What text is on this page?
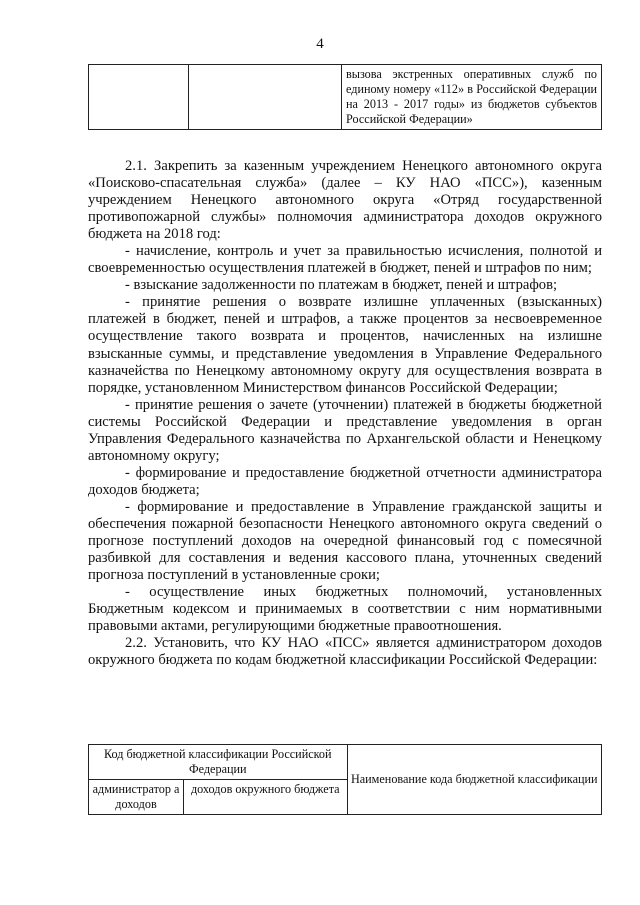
4
		вызова экстренных оперативных служб по единому номеру «112» в Российской Федерации на 2013 - 2017 годы» из бюджетов субъектов Российской Федерации»

2.1. Закрепить за казенным учреждением Ненецкого автономного округа «Поисково-спасательная служба» (далее – КУ НАО «ПСС»), казенным учреждением Ненецкого автономного округа «Отряд государственной противопожарной службы» полномочия администратора доходов окружного бюджета на 2018 год:

- начисление, контроль и учет за правильностью исчисления, полнотой и своевременностью осуществления платежей в бюджет, пеней и штрафов по ним;

- взыскание задолженности по платежам в бюджет, пеней и штрафов;

- принятие решения о возврате излишне уплаченных (взысканных) платежей в бюджет, пеней и штрафов, а также процентов за несвоевременное осуществление такого возврата и процентов, начисленных на излишне взысканные суммы, и представление уведомления в Управление Федерального казначейства по Ненецкому автономному округу для осуществления возврата в порядке, установленном Министерством финансов Российской Федерации;

- принятие решения о зачете (уточнении) платежей в бюджеты бюджетной системы Российской Федерации и представление уведомления в орган Управления Федерального казначейства по Архангельской области и Ненецкому автономному округу;

- формирование и предоставление бюджетной отчетности администратора доходов бюджета;

- формирование и предоставление в Управление гражданской защиты и обеспечения пожарной безопасности Ненецкого автономного округа сведений о прогнозе поступлений доходов на очередной финансовый год с помесячной разбивкой для составления и ведения кассового плана, уточненных сведений прогноза поступлений в установленные сроки;

- осуществление иных бюджетных полномочий, установленных Бюджетным кодексом и принимаемых в соответствии с ним нормативными правовыми актами, регулирующими бюджетные правоотношения.

2.2. Установить, что КУ НАО «ПСС» является администратором доходов окружного бюджета по кодам бюджетной классификации Российской Федерации:

Код бюджетной классификации Российской Федерации		Наименование кода бюджетной классификации
администратор а доходов	доходов окружного бюджета	
